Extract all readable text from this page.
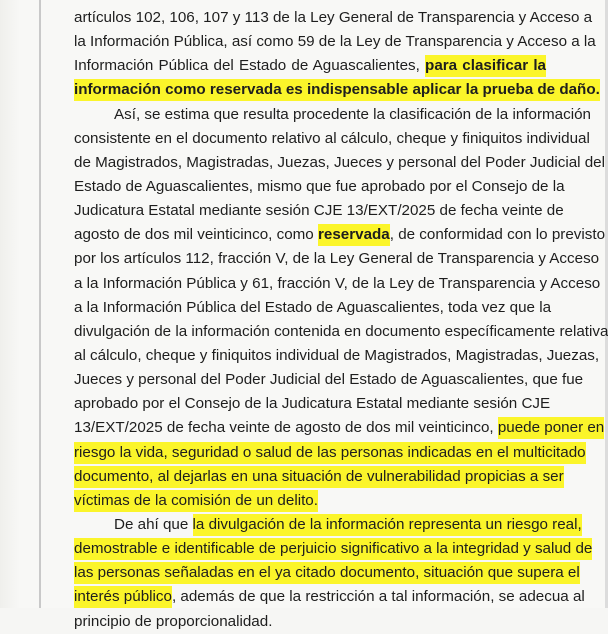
artículos 102, 106, 107 y 113 de la Ley General de Transparencia y Acceso a
la Información Pública, así como 59 de la Ley de Transparencia y Acceso a la
Información Pública del Estado de Aguascalientes, para clasificar la
información como reservada es indispensable aplicar la prueba de daño.
Así, se estima que resulta procedente la clasificación de la información
consistente en el documento relativo al cálculo, cheque y finiquitos individual
de Magistrados, Magistradas, Juezas, Jueces y personal del Poder Judicial del
Estado de Aguascalientes, mismo que fue aprobado por el Consejo de la
Judicatura Estatal mediante sesión CJE 13/EXT/2025 de fecha veinte de
agosto de dos mil veinticinco, como reservada, de conformidad con lo previsto
por los artículos 112, fracción V, de la Ley General de Transparencia y Acceso
a la Información Pública y 61, fracción V, de la Ley de Transparencia y Acceso
a la Información Pública del Estado de Aguascalientes, toda vez que la
divulgación de la información contenida en documento específicamente relativa
al cálculo, cheque y finiquitos individual de Magistrados, Magistradas, Juezas,
Jueces y personal del Poder Judicial del Estado de Aguascalientes, que fue
aprobado por el Consejo de la Judicatura Estatal mediante sesión CJE
13/EXT/2025 de fecha veinte de agosto de dos mil veinticinco, puede poner en
riesgo la vida, seguridad o salud de las personas indicadas en el multicitado
documento, al dejarlas en una situación de vulnerabilidad propicias a ser
víctimas de la comisión de un delito.
De ahí que la divulgación de la información representa un riesgo real,
demostrable e identificable de perjuicio significativo a la integridad y salud de
las personas señaladas en el ya citado documento, situación que supera el
interés público, además de que la restricción a tal información, se adecua al
principio de proporcionalidad.
